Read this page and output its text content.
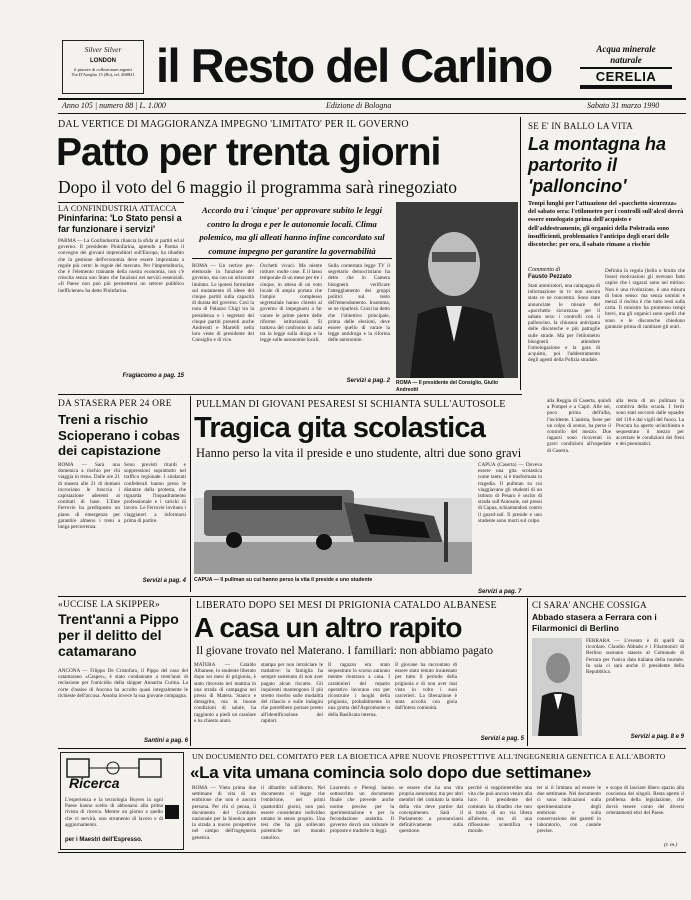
Silver Silver
LONDON
il piacere di collezionare argenti
Via D'Azeglio 15 (Bo), tel. 268821 il Resto del Carlino	Acqua minerale
naturale
CERELIA
Anno 105 | numero 88 | L. 1.000	Edizione di Bologna	Sabato 31 marzo 1990
DAL VERTICE DI MAGGIORANZA IMPEGNO 'LIMITATO' PER IL GOVERNO
Patto per trenta giorni
Dopo il voto del 6 maggio il programma sarà rinegoziato
LA CONFINDUSTRIA ATTACCA
Pininfarina: 'Lo Stato pensi a far funzionare i servizi'
PARMA — La Confindustria rilancia la sfida ai partiti ed al governo. Il presidente Pininfarina, aprendo a Parma il convegno dei giovani imprenditori sull'Europa, ha ribadito che la gestione dell'economia deve essere improntata a regole più certe: le regole del mercato. Per l'imprenditoria, che è l'elemento trainante della nostra economia, non c'è crescita senza uno Stato che funzioni nei servizi essenziali. «Il Paese non può più permettersi un settore pubblico inefficiente» ha detto Pininfarina.
Fragiacomo a pag. 15
Accordo tra i 'cinque' per approvare subito le leggi contro la droga e per le autonomie locali. Clima polemico, ma gli alleati hanno infine concordato sul comune impegno per garantire la governabilità
ROMA — Un vertice pre-elettorale in funzione del governo, ma con un orizzonte limitato. Le ipotesi formulate sul mutamento di ideee del cinque partiti sulla capacità di durata del governo. Così la nota di Palazzo Chigi tra la presidenza e i segretari dei cinque partiti presenti anche Andreotti e Martelli nella loro veste di presidente del Consiglio e di vice.
Occhetti vivaci. Ma niente rotture: molte cose. E il lasso temporale di un mese per tre i cinque, in attesa di un voto locale di ampia portata che l'ampio complesso segretariale hanno chiesto al governo di impegnarsi a far varare le prime pietre delle riforme istituzionali. Si trattava del confronto in aula tra la legge sulla droga e la legge sulle autonomie locali.
Sulla contestata legge TV il segretario democristiano ha detto che in Camera bisognerà verificare l'atteggiamento dei gruppi politici sul testo dell'emendamento. Insomma, se ne riparlerà. Craxi ha detto che l'obiettivo principale, prima delle elezioni, deve essere quello di varare la legge antidroga e la riforma delle autonomie.
Servizi a pag. 2 ROMA — Il presidente del Consiglio, Giulio Andreotti
SE E' IN BALLO LA VITA
La montagna ha partorito il 'palloncino'
Tempi lunghi per l'attuazione del «pacchetto sicurezza» del sabato sera: l'etilometro per i controlli sull'alcol dovrà essere omologato prima dell'acquisto e dell'addestramento, gli organici della Polstrada sono insufficienti, problematico l'anticipo degli orari delle discoteche: per ora, il sabato rimane a rischio
Commento di
Fausto Pezzato
Stati ammiratori, una campagna di informazione in tv non ancora stata ce ne concentra. Sono state annunciate le misure del «pacchetto sicurezza» per il sabato sera: i controlli con il palloncino, la chiusura anticipata delle discoteche e più pattuglie sulle strade. Ma per l'etilometro bisognerà attendere l'omologazione e la gara di acquisto, poi l'addestramento degli agenti della Polizia stradale.
Definita la regola (bella o brutta che fosse) motivazioni gli avevano fatto capire che i ragazzi sono nel mirino. Non è una rivoluzione, è una misura di buon senso: ma senza uomini e mezzi il rischio è che tutto resti sulla carta. Il ministro ha promesso tempi brevi, ma gli organici sono quelli che sono e le discoteche chiedono garanzie prima di cambiare gli orari.
DA STASERA PER 24 ORE
Treni a rischio Scioperano i cobas dei capistazione
ROMA — Sarà una domenica a rischio per chi viaggia in treno. Dalle ore 21 di stasera alle 21 di domani incrociano le braccia i capistazione aderenti ai comitati di base. L'Ente Ferrovie ha predisposto un piano di emergenza per garantire almeno i treni a lunga percorrenza.
Sono previsti ritardi e soppressioni soprattutto nel traffico regionale. I sindacati confederali hanno preso le distanze dalla protesta, che riguarda l'inquadramento professionale e i carichi di lavoro. Le Ferrovie invitano i viaggiatori a informarsi prima di partire.
Servizi a pag. 4
PULLMAN DI GIOVANI PESARESI SI SCHIANTA SULL'AUTOSOLE
Tragica gita scolastica
Hanno perso la vita il preside e uno studente, altri due sono gravi
CAPUA — Il pullman su cui hanno perso la vita il preside e uno studente
CAPUA (Caserta) — Doveva essere una gita scolastica come tante, si è trasformata in tragedia. Il pullman su cui viaggiavano gli studenti di un istituto di Pesaro è uscito di strada sull'Autosole, nei pressi di Capua, schiantandosi contro il guard-rail. Il preside e uno studente sono morti sul colpo.
alla Reggia di Caserta, quindi a Pompei e a Capri. Alle sei, poco prima dell'alba, l'incidente. L'autista, forse per un colpo di sonno, ha perso il controllo del mezzo. Due ragazzi sono ricoverati in gravi condizioni all'ospedale di Caserta.
alla testa di un pullman la comitiva della scuola. I feriti sono stati soccorsi dalle squadre del 118 e dai vigili del fuoco. La Procura ha aperto un'inchiesta e sequestrato il mezzo per accertare le condizioni dei freni e dei pneumatici.
Servizi a pag. 7
«UCCISE LA SKIPPER»
Trent'anni a Pippo per il delitto del catamarano
ANCONA — Filippo De Cristofaro, il Pippo del caso del catamarano «Casper», è stato condannato a trent'anni di reclusione per l'omicidio della skipper Annarita Curina. La corte d'assise di Ancona ha accolto quasi integralmente le richieste dell'accusa. Assolta invece la sua giovane compagna.
Santini a pag. 6
LIBERATO DOPO SEI MESI DI PRIGIONIA CATALDO ALBANESE
A casa un altro rapito
Il giovane trovato nel Materano. I familiari: non abbiamo pagato
MATERA — Cataldo Albanese, lo studente liberato dopo sei mesi di prigionia, è stato ritrovato ieri mattina in una strada di campagna nei pressi di Matera. Stanco e dimagrito, ma in buone condizioni di salute, ha raggiunto a piedi un casolare e ha chiesto aiuto.
stampa per non intralciare le trattative: la famiglia ha sempre sostenuto di non aver pagato alcun riscatto. Gli inquirenti mantengono il più stretto riserbo sulle modalità del rilascio e sulle indagini che potrebbero portare presto all'identificazione dei rapitori.
Il ragazzo era stato sequestrato lo scorso autunno mentre rientrava a casa. I carabinieri del reparto operativo lavorano ora per ricostruire i luoghi della prigionia, probabilmente in una grotta dell'Aspromonte o della Basilicata interna.
Il giovane ha raccontato di essere stato tenuto incatenato per tutto il periodo della prigionia e di non aver mai visto in volto i suoi carcerieri. La liberazione è stata accolta con gioia dall'intera comunità.
Servizi a pag. 5
CI SARA' ANCHE COSSIGA
Abbado stasera a Ferrara con i Filarmonici di Berlino
FERRARA — L'evento è di quelli da ricordare. Claudio Abbado e i Filarmonici di Berlino suonano stasera al Comunale di Ferrara per l'unica data italiana della tournée. In sala ci sarà anche il presidente della Repubblica.
Servizi a pag. 8 e 9
Ricerca
L'esperienza e la tecnologia Buyers in ogni Paese hanno scelto di abbonarsi alla prima rivista di ricerca. Mentre un giorno a quello che vi servirà, uno strumento di lavoro e di aggiornamento.
per i Maestri dell'Espresso.
UN DOCUMENTO DEL COMITATO PER LA BIOETICA APRE NUOVE PROSPETTIVE ALL'INGEGNERIA GENETICA E ALL'ABORTO
«La vita umana comincia solo dopo due settimane»
ROMA — Vieta prima due settimane di vita di un embrione che non è ancora persona. Per chi ci pensa, il documento del Comitato nazionale per la bioetica apre la strada a nuove prospettive nel campo dell'ingegneria genetica.
il dibattito sull'aborto. Nel documento si legge che l'embrione, nei primi quattordici giorni, non può essere considerato individuo umano in senso proprio. Una tesi che ha già sollevato polemiche nel mondo cattolico.
Laurentis e Pieregi hanno sottoscritto un documento finale che prevede anche norme precise per la sperimentazione e per la fecondazione assistita. Il governo dovrà ora valutare le proposte e tradurle in leggi.
se essere che ha una vita propria autonoma; ma per altri membri del comitato la tutela della vita deve partire dal concepimento. Sarà il Parlamento a pronunciarsi definitivamente sulla questione.
perché si sopprimerebbe una vita che può ancora venire alla luce. Il presidente del comitato ha ribadito che non si tratta di un via libera all'aborto, ma di una riflessione scientifica e morale.
ter si il limitato ad essere le due settimane. Nel documento ci sono indicazioni sulla sperimentazione degli embrioni e sulla conservazione dei gameti in laboratorio, con cautele precise.
e scopo di lasciare libero spazio alla coscienza dei singoli. Resta aperto il problema della legislazione, che dovrà tenere conto dei diversi orientamenti etici del Paese.
(r. m.)
